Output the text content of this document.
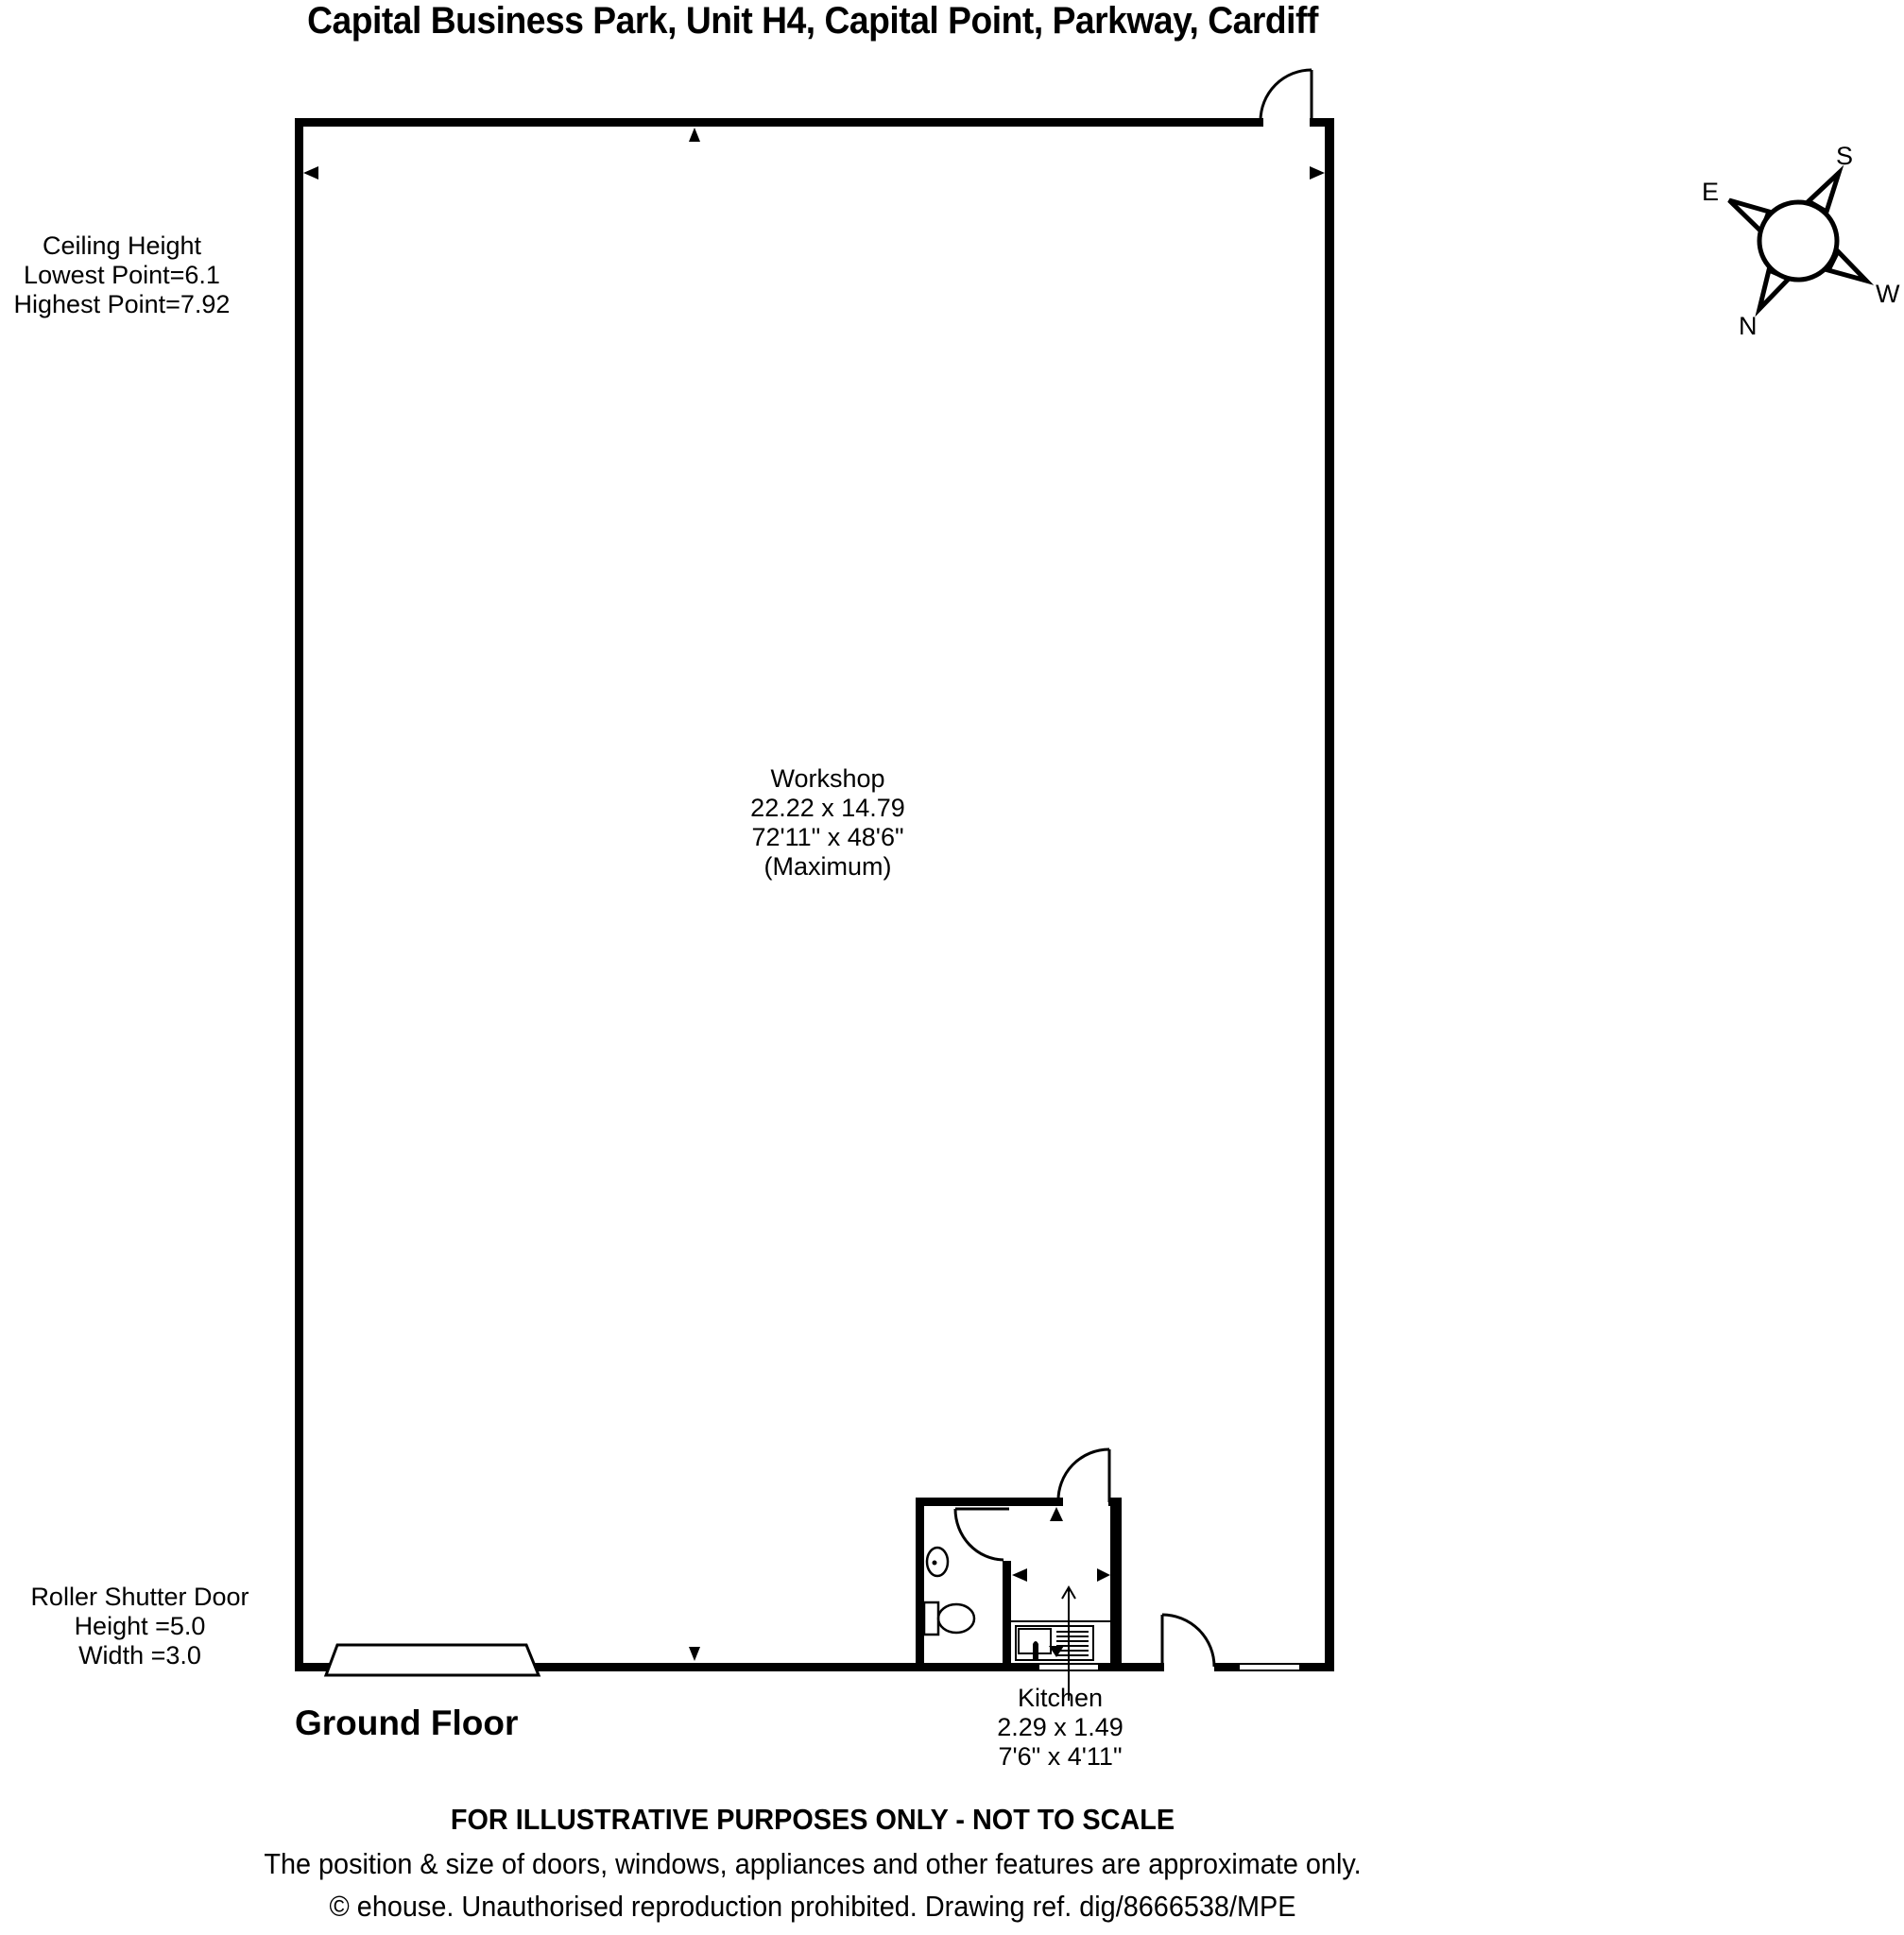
Capital Business Park, Unit H4, Capital Point, Parkway, Cardiff
S
E
W
N
Ceiling Height
Lowest Point=6.1
Highest Point=7.92
Workshop
22.22 x 14.79
72'11" x 48'6"
(Maximum)
Roller Shutter Door
Height =5.0
Width =3.0
Kitchen
2.29 x 1.49
7'6" x 4'11"
Ground Floor
FOR ILLUSTRATIVE PURPOSES ONLY - NOT TO SCALE
The position & size of doors, windows, appliances and other features are approximate only.
© ehouse. Unauthorised reproduction prohibited. Drawing ref. dig/8666538/MPE
